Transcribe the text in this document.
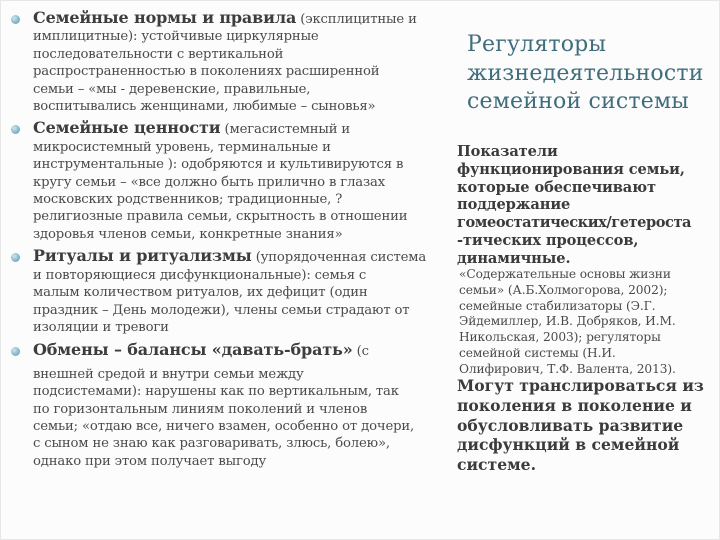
Семейные нормы и правила (эксплицитные и
имплицитные): устойчивые циркулярные
последовательности с вертикальной
распространенностью в поколениях расширенной
семьи – «мы - деревенские, правильные,
воспитывались женщинами, любимые – сыновья»
Семейные ценности (мегасистемный и
микросистемный уровень, терминальные и
инструментальные ): одобряются и культивируются в
кругу семьи – «все должно быть прилично в глазах
московских родственников; традиционные, ?
религиозные правила семьи, скрытность в отношении
здоровья членов семьи, конкретные знания»
Ритуалы и ритуализмы (упорядоченная система
и повторяющиеся дисфункциональные): семья с
малым количеством ритуалов, их дефицит (один
праздник – День молодежи), члены семьи страдают от
изоляции и тревоги
Обмены – балансы «давать-брать» (с
внешней средой и внутри семьи между
подсистемами): нарушены как по вертикальным, так
по горизонтальным линиям поколений и членов
семьи; «отдаю все, ничего взамен, особенно от дочери,
с сыном не знаю как разговаривать, злюсь, болею»,
однако при этом получает выгоду
Регуляторы
жизнедеятельности
семейной системы
Показатели
функционирования семьи,
которые обеспечивают
поддержание
гомеостатических/гетероста
-тических процессов,
динамичные.
«Содержательные основы жизни
семьи» (А.Б.Холмогорова, 2002);
семейные стабилизаторы (Э.Г.
Эйдемиллер, И.В. Добряков, И.М.
Никольская, 2003); регуляторы
семейной системы (Н.И.
Олифирович, Т.Ф. Валента, 2013).
Могут транслироваться из
поколения в поколение и
обусловливать развитие
дисфункций в семейной
системе.
